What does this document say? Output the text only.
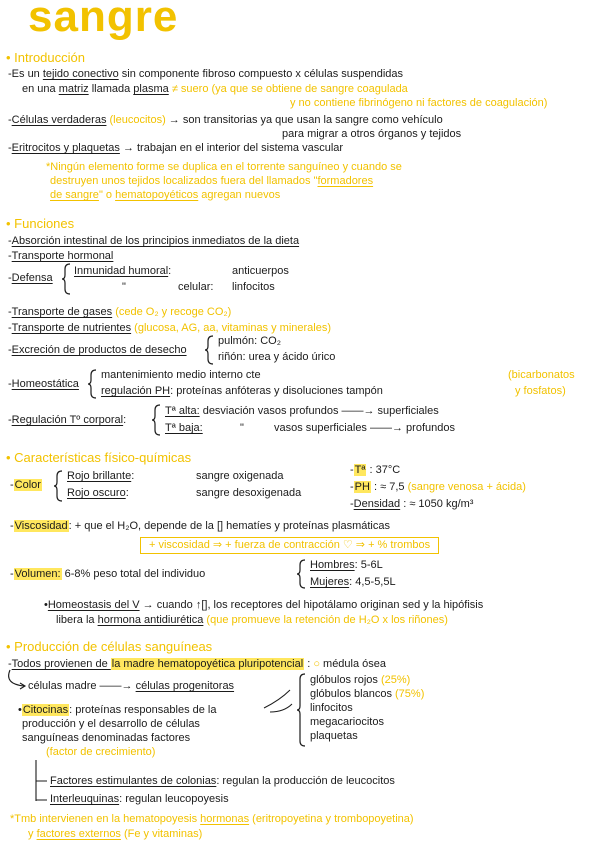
sangre
• Introducción
-Es un tejido conectivo sin componente fibroso compuesto x células suspendidas
en una matriz llamada plasma ≠ suero (ya que se obtiene de sangre coagulada
y no contiene fibrinógeno ni factores de coagulación)
-Células verdaderas (leucocitos) → son transitorias ya que usan la sangre como vehículo
para migrar a otros órganos y tejidos
-Eritrocitos y plaquetas → trabajan en el interior del sistema vascular
*Ningún elemento forme se duplica en el torrente sanguíneo y cuando se
destruyen unos tejidos localizados fuera del llamados "formadores
de sangre" o hematopoyéticos agregan nuevos
• Funciones
-Absorción intestinal de los principios inmediatos de la dieta
-Transporte hormonal
-Defensa
Inmunidad humoral:	anticuerpos
"	celular: linfocitos
-Transporte de gases (cede O₂ y recoge CO₂)
-Transporte de nutrientes (glucosa, AG, aa, vitaminas y minerales)
-Excreción de productos de desecho
pulmón: CO₂
riñón: urea y ácido úrico
-Homeostática
mantenimiento medio interno cte
regulación PH: proteínas anfóteras y disoluciones tampón
(bicarbonatos
y fosfatos)
-Regulación Tº corporal:
Tª alta: desviación vasos profundos ——→ superficiales
Tª baja:	"	vasos superficiales ——→ profundos
• Características físico-químicas
-Tª : 37°C
-Color
Rojo brillante:	sangre oxigenada
Rojo oscuro:	sangre desoxigenada	-PH : ≈ 7,5 (sangre venosa + ácida)
-Densidad : ≈ 1050 kg/m³
-Viscosidad: + que el H₂O, depende de la [] hematíes y proteínas plasmáticas
+ viscosidad ⇒ + fuerza de contracción ♡ ⇒ + % trombos
-Volumen: 6-8% peso total del individuo
Hombres: 5-6L
Mujeres: 4,5-5,5L
•Homeostasis del V → cuando ↑[], los receptores del hipotálamo originan sed y la hipófisis
libera la hormona antidiurética (que promueve la retención de H₂O x los riñones)
• Producción de células sanguíneas
-Todos provienen de la madre hematopoyética pluripotencial : ○ médula ósea
células madre ——→ células progenitoras	glóbulos rojos (25%)
glóbulos blancos (75%)
linfocitos
megacariocitos
plaquetas
•Citocinas: proteínas responsables de la
producción y el desarrollo de células
sanguíneas denominadas factores
(factor de crecimiento)
Factores estimulantes de colonias: regulan la producción de leucocitos
Interleuquinas: regulan leucopoyesis
*Tmb intervienen en la hematopoyesis hormonas (eritropoyetina y trombopoyetina)
y factores externos (Fe y vitaminas)
